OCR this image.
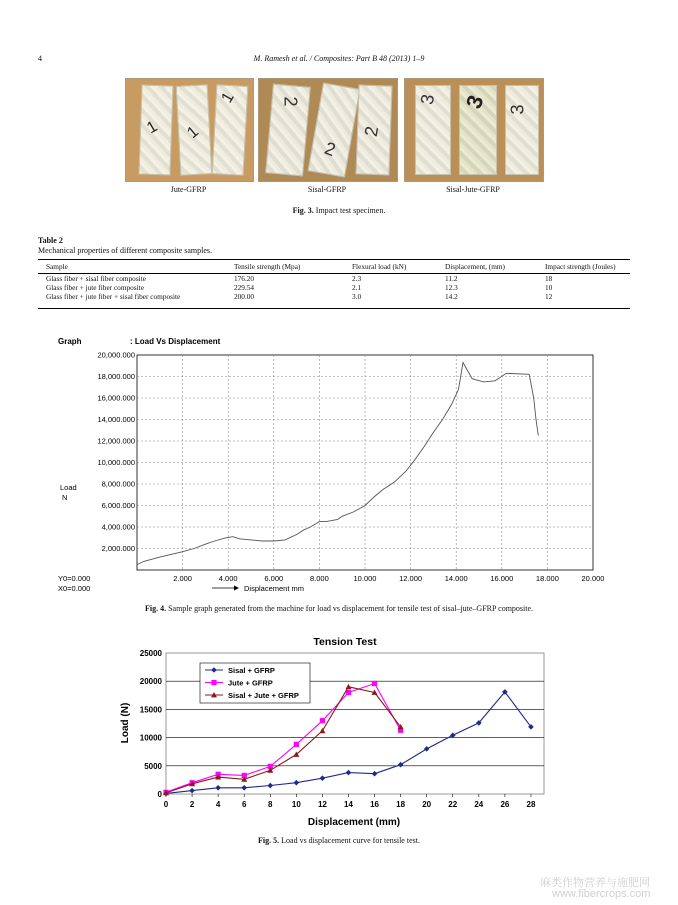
4	M. Ramesh et al. / Composites: Part B 48 (2013) 1–9
1 1
1 2
2
2
3 3 3
Jute-GFRP	Sisal-GFRP	Sisal-Jute-GFRP
Fig. 3. Impact test specimen.
Table 2
Mechanical properties of different composite samples.
Sample	Tensile strength (Mpa)	Flexural load (kN)	Displacement, (mm)	Impact strength (Joules)

Glass fiber + sisal fiber composite	176.20	2.3	11.2	18
Glass fiber + jute fiber composite	229.54	2.1	12.3	10
Glass fiber + jute fiber + sisal fiber composite	200.00	3.0	14.2	12
Graph	: Load Vs Displacement
Load
N
Y0=0.000
X0=0.000	Displacement mm
2.000	4.000	6.000	8.000	10.000	12.000	14.000	16.000	18.000	20.000
2,000.000
4,000.000
6,000.000
8,000.000
10,000.000
12,000.000
14,000.000
16,000.000
18,000.000
20,000.000
Fig. 4. Sample graph generated from the machine for load vs displacement for tensile test of sisal–jute–GFRP composite.
Tension Test
Load (N)
Displacement (mm)
0
5000
10000
15000
20000
25000
0	2	4	6	8 10 12 14 16 18 20 22 24 26 28
Sisal + GFRP
Jute + GFRP
Sisal + Jute + GFRP
Fig. 5. Load vs displacement curve for tensile test.
麻类作物营养与施肥网
www.fibercrops.com
